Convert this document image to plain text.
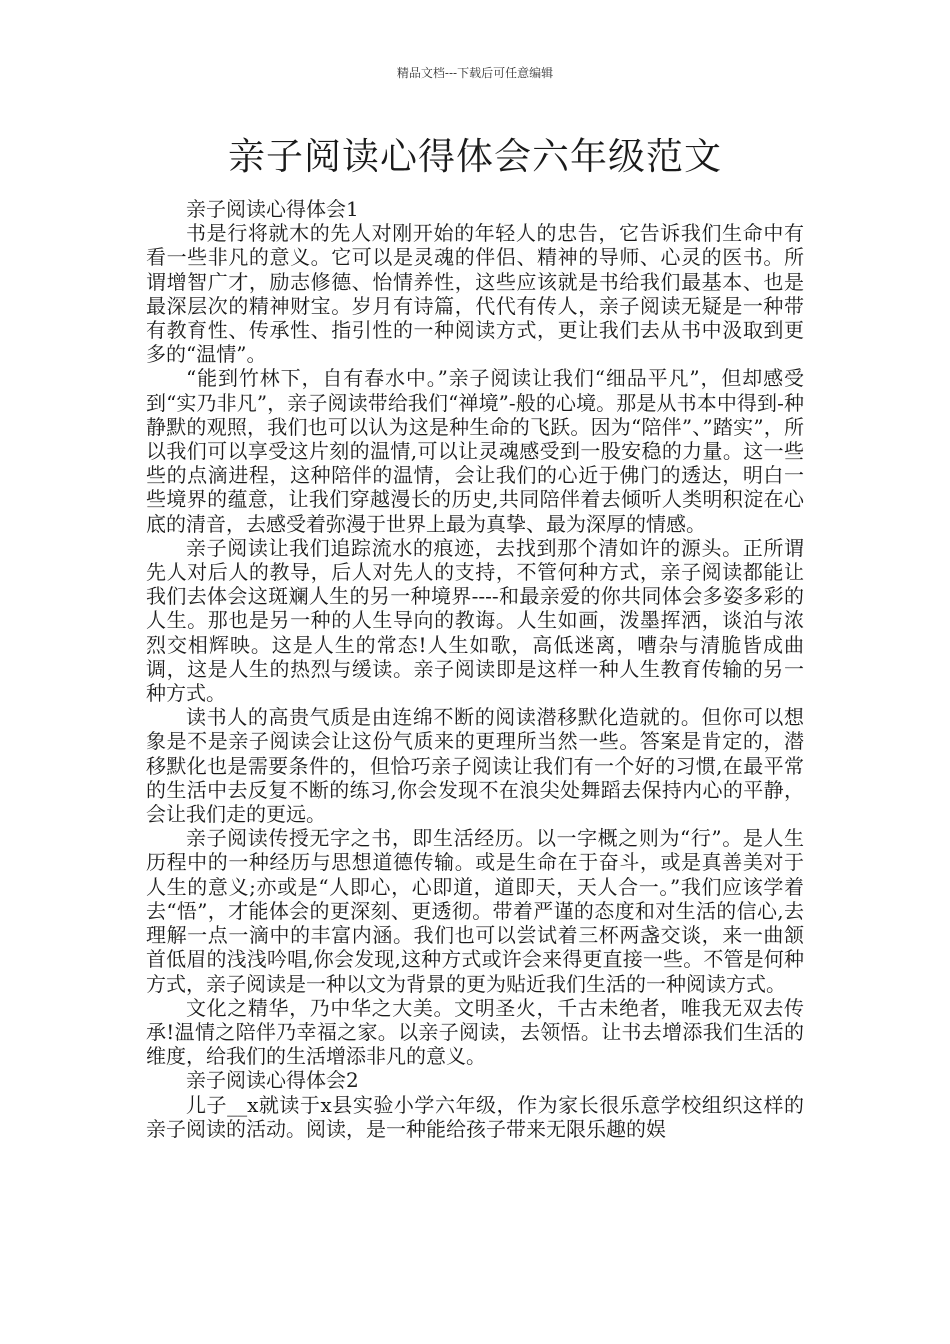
精品文档---下载后可任意编辑
亲子阅读心得体会六年级范文

亲子阅读心得体会1

书是行将就木的先人对刚开始的年轻人的忠告，它告诉我们生命中有看一些非凡的意义。它可以是灵魂的伴侣、精神的导师、心灵的医书。所谓增智广才，励志修德、怡情养性，这些应该就是书给我们最基本、也是最深层次的精神财宝。岁月有诗篇，代代有传人，亲子阅读无疑是一种带有教育性、传承性、指引性的一种阅读方式，更让我们去从书中汲取到更多的“温情”。

“能到竹林下，自有春水中。”亲子阅读让我们“细品平凡”，但却感受到“实乃非凡”，亲子阅读带给我们“禅境”-般的心境。那是从书本中得到-种静默的观照，我们也可以认为这是种生命的飞跃。因为“陪伴”、”踏实”，所以我们可以享受这片刻的温情,可以让灵魂感受到一股安稳的力量。这一些些的点滴进程，这种陪伴的温情，会让我们的心近于佛门的透达，明白一些境界的蕴意，让我们穿越漫长的历史,共同陪伴着去倾听人类明积淀在心底的清音，去感受着弥漫于世界上最为真挚、最为深厚的情感。

亲子阅读让我们追踪流水的痕迹，去找到那个清如许的源头。正所谓先人对后人的教导，后人对先人的支持，不管何种方式，亲子阅读都能让我们去体会这斑斓人生的另一种境界----和最亲爱的你共同体会多姿多彩的人生。那也是另一种的人生导向的教诲。人生如画，泼墨挥洒，谈泊与浓烈交相辉映。这是人生的常态!人生如歌，高低迷离，嘈杂与清脆皆成曲调，这是人生的热烈与缓读。亲子阅读即是这样一种人生教育传输的另一种方式。

读书人的高贵气质是由连绵不断的阅读潜移默化造就的。但你可以想象是不是亲子阅读会让这份气质来的更理所当然一些。答案是肯定的，潜移默化也是需要条件的，但恰巧亲子阅读让我们有一个好的习惯,在最平常的生活中去反复不断的练习,你会发现不在浪尖处舞蹈去保持内心的平静，会让我们走的更远。

亲子阅读传授无字之书，即生活经历。以一字概之则为“行”。是人生历程中的一种经历与思想道德传输。或是生命在于奋斗，或是真善美对于人生的意义;亦或是“人即心，心即道，道即天，天人合一。”我们应该学着去“悟”，才能体会的更深刻、更透彻。带着严谨的态度和对生活的信心,去理解一点一滴中的丰富内涵。我们也可以尝试着三杯两盏交谈，来一曲颔首低眉的浅浅吟唱,你会发现,这种方式或许会来得更直接一些。不管是何种方式，亲子阅读是一种以文为背景的更为贴近我们生活的一种阅读方式。

文化之精华，乃中华之大美。文明圣火，千古未绝者，唯我无双去传承!温情之陪伴乃幸福之家。以亲子阅读，去领悟。让书去增添我们生活的维度，给我们的生活增添非凡的意义。

亲子阅读心得体会2

儿子__x就读于x县实验小学六年级，作为家长很乐意学校组织这样的亲子阅读的活动。阅读，是一种能给孩子带来无限乐趣的娱
